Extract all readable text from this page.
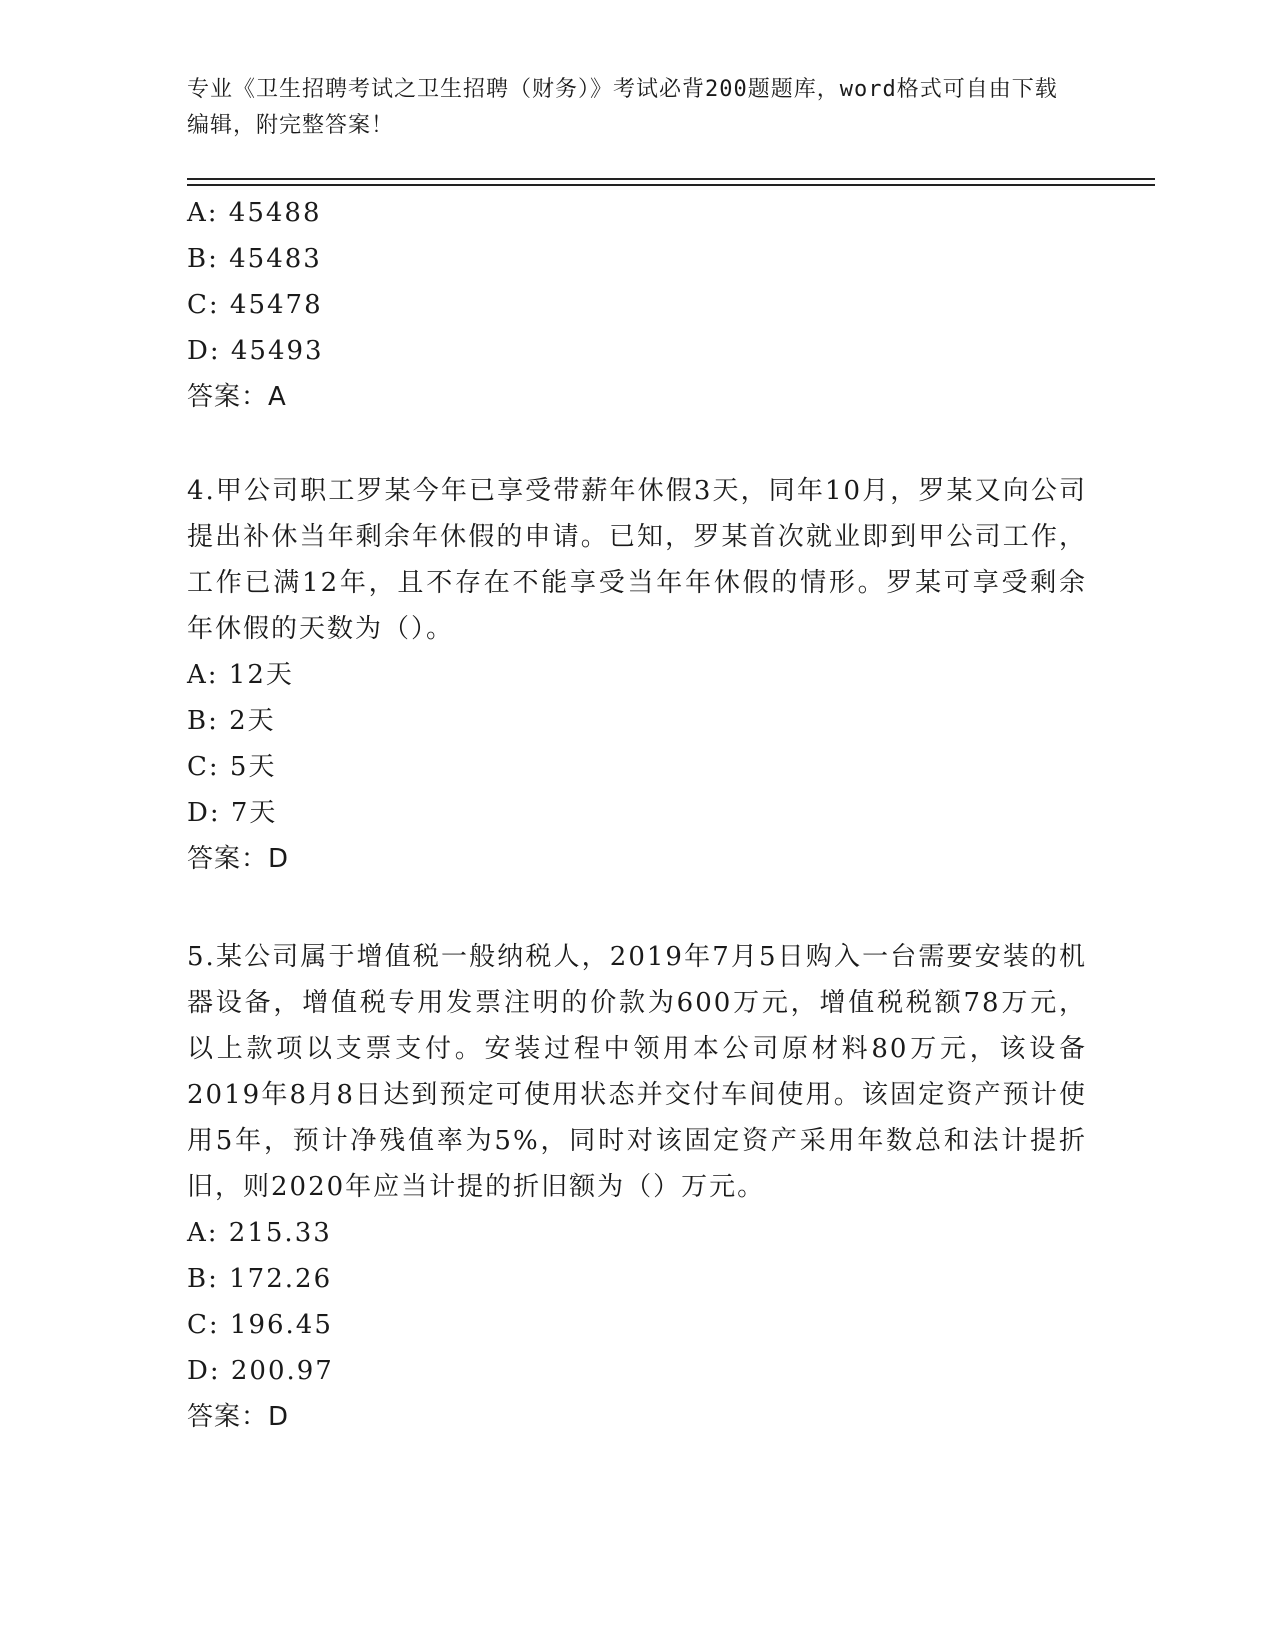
专业《卫生招聘考试之卫生招聘（财务）》考试必背200题题库，word格式可自由下载编辑，附完整答案！
A: 45488
B: 45483
C: 45478
D: 45493
答案：A
4.甲公司职工罗某今年已享受带薪年休假3天，同年10月，罗某又向公司提出补休当年剩余年休假的申请。已知，罗某首次就业即到甲公司工作，工作已满12年，且不存在不能享受当年年休假的情形。罗某可享受剩余年休假的天数为（）。
A: 12天
B: 2天
C: 5天
D: 7天
答案：D
5.某公司属于增值税一般纳税人，2019年7月5日购入一台需要安装的机器设备，增值税专用发票注明的价款为600万元，增值税税额78万元，以上款项以支票支付。安装过程中领用本公司原材料80万元，该设备2019年8月8日达到预定可使用状态并交付车间使用。该固定资产预计使用5年，预计净残值率为5%，同时对该固定资产采用年数总和法计提折旧，则2020年应当计提的折旧额为（）万元。
A: 215.33
B: 172.26
C: 196.45
D: 200.97
答案：D
